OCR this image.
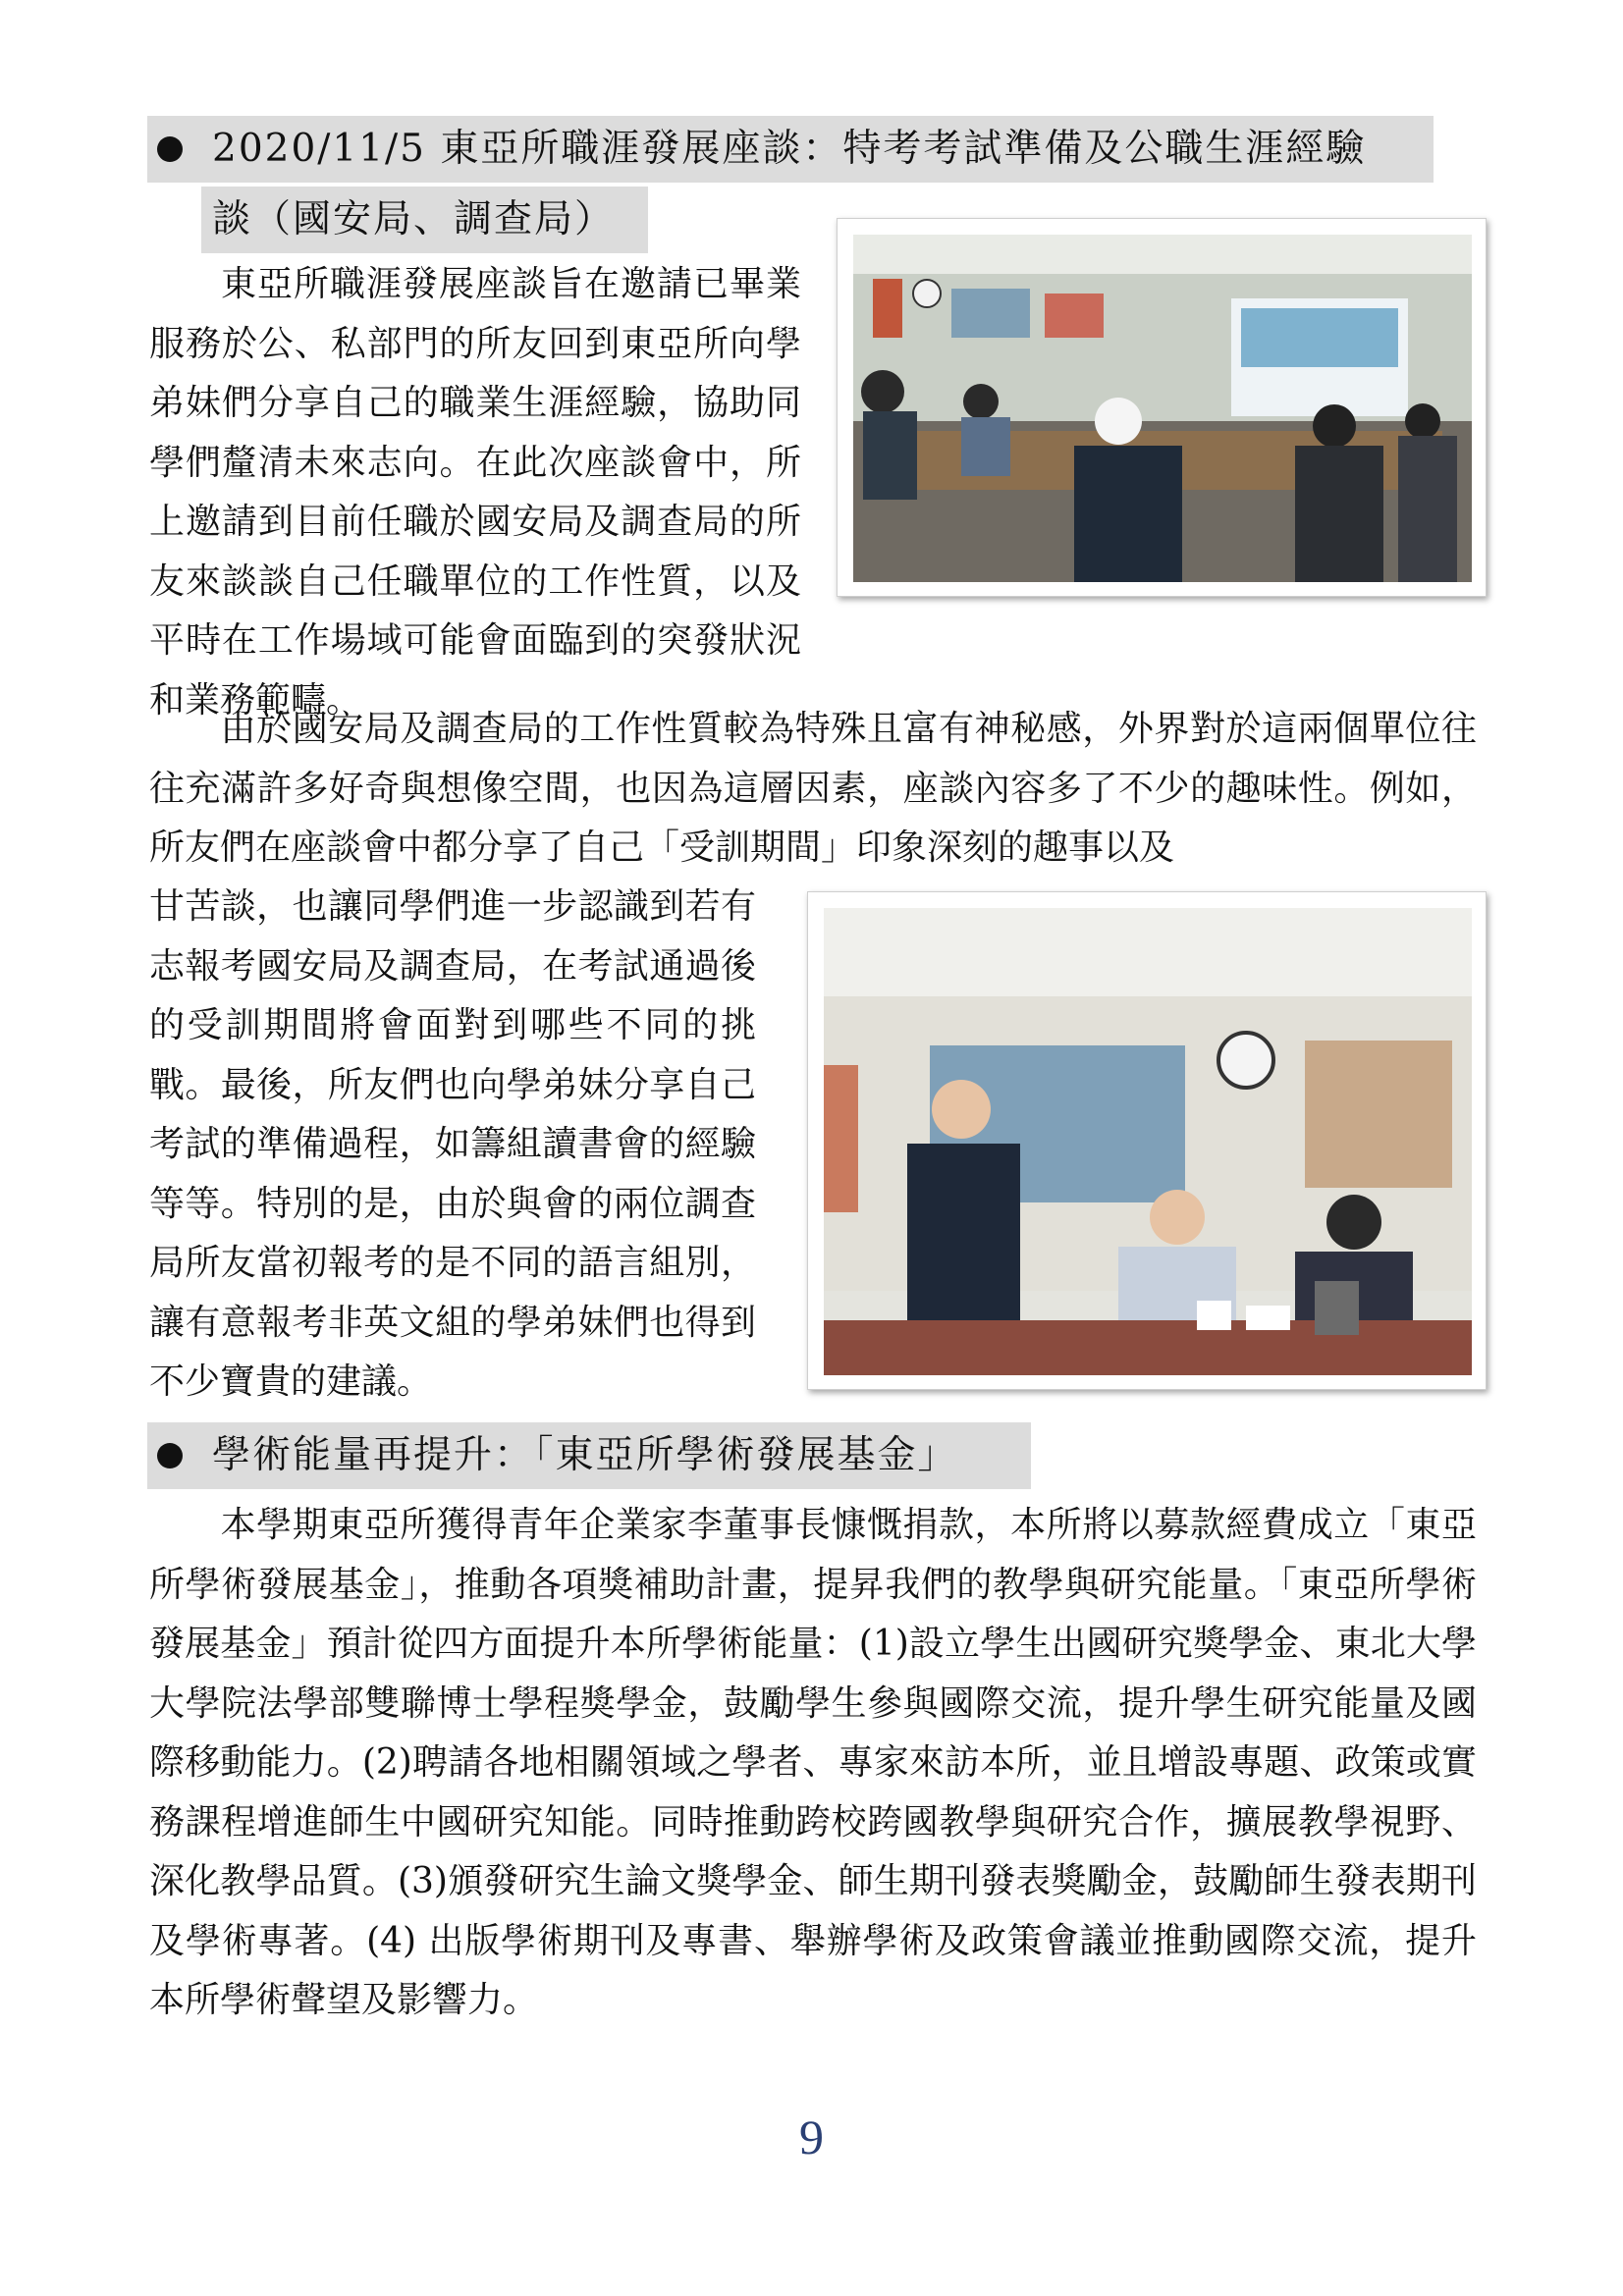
2020/11/5 東亞所職涯發展座談：特考考試準備及公職生涯經驗
談（國安局、調查局）

東亞所職涯發展座談旨在邀請已畢業服務於公、私部門的所友回到東亞所向學弟妹們分享自己的職業生涯經驗，協助同學們釐清未來志向。在此次座談會中，所上邀請到目前任職於國安局及調查局的所友來談談自己任職單位的工作性質，以及平時在工作場域可能會面臨到的突發狀況和業務範疇。

由於國安局及調查局的工作性質較為特殊且富有神秘感，外界對於這兩個單位往往充滿許多好奇與想像空間，也因為這層因素，座談內容多了不少的趣味性。例如，所友們在座談會中都分享了自己「受訓期間」印象深刻的趣事以及

甘苦談，也讓同學們進一步認識到若有志報考國安局及調查局，在考試通過後的受訓期間將會面對到哪些不同的挑戰。最後，所友們也向學弟妹分享自己考試的準備過程，如籌組讀書會的經驗等等。特別的是，由於與會的兩位調查局所友當初報考的是不同的語言組別，讓有意報考非英文組的學弟妹們也得到不少寶貴的建議。

學術能量再提升：「東亞所學術發展基金」

本學期東亞所獲得青年企業家李董事長慷慨捐款，本所將以募款經費成立「東亞所學術發展基金」，推動各項獎補助計畫，提昇我們的教學與研究能量。「東亞所學術發展基金」預計從四方面提升本所學術能量：(1)設立學生出國研究獎學金、東北大學大學院法學部雙聯博士學程獎學金，鼓勵學生參與國際交流，提升學生研究能量及國際移動能力。(2)聘請各地相關領域之學者、專家來訪本所，並且增設專題、政策或實務課程增進師生中國研究知能。同時推動跨校跨國教學與研究合作，擴展教學視野、深化教學品質。(3)頒發研究生論文獎學金、師生期刊發表獎勵金，鼓勵師生發表期刊及學術專著。(4) 出版學術期刊及專書、舉辦學術及政策會議並推動國際交流，提升本所學術聲望及影響力。

9
